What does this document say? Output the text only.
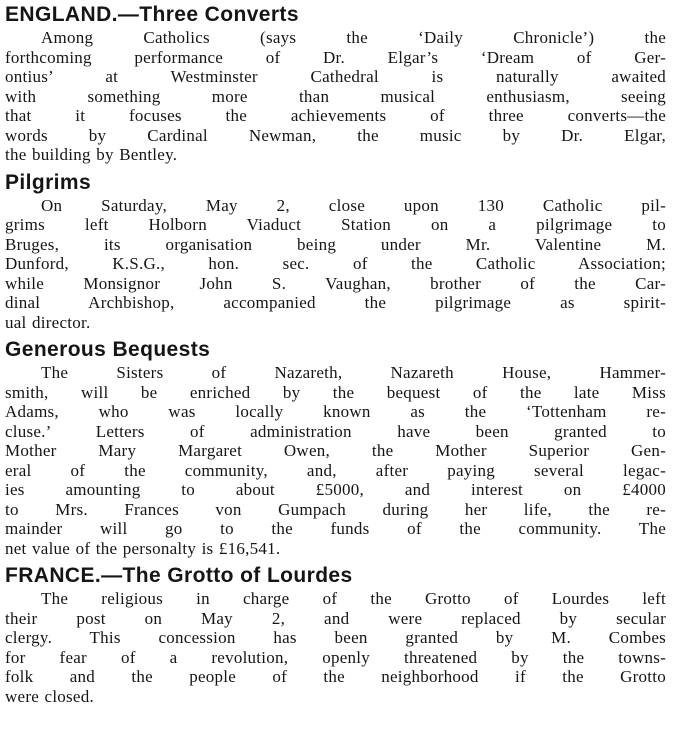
ENGLAND.—Three Converts
Among Catholics (says the ‘Daily Chronicle’) the
forthcoming performance of Dr. Elgar’s ‘Dream of Ger-
ontius’ at Westminster Cathedral is naturally awaited
with something more than musical enthusiasm, seeing
that it focuses the achievements of three converts—the
words by Cardinal Newman, the music by Dr. Elgar,
the building by Bentley.
Pilgrims
On Saturday, May 2, close upon 130 Catholic pil-
grims left Holborn Viaduct Station on a pilgrimage to
Bruges, its organisation being under Mr. Valentine M.
Dunford, K.S.G., hon. sec. of the Catholic Association;
while Monsignor John S. Vaughan, brother of the Car-
dinal Archbishop, accompanied the pilgrimage as spirit-
ual director.
Generous Bequests
The Sisters of Nazareth, Nazareth House, Hammer-
smith, will be enriched by the bequest of the late Miss
Adams, who was locally known as the ‘Tottenham re-
cluse.’ Letters of administration have been granted to
Mother Mary Margaret Owen, the Mother Superior Gen-
eral of the community, and, after paying several legac-
ies amounting to about £5000, and interest on £4000
to Mrs. Frances von Gumpach during her life, the re-
mainder will go to the funds of the community. The
net value of the personalty is £16,541.
FRANCE.—The Grotto of Lourdes
The religious in charge of the Grotto of Lourdes left
their post on May 2, and were replaced by secular
clergy. This concession has been granted by M. Combes
for fear of a revolution, openly threatened by the towns-
folk and the people of the neighborhood if the Grotto
were closed.
